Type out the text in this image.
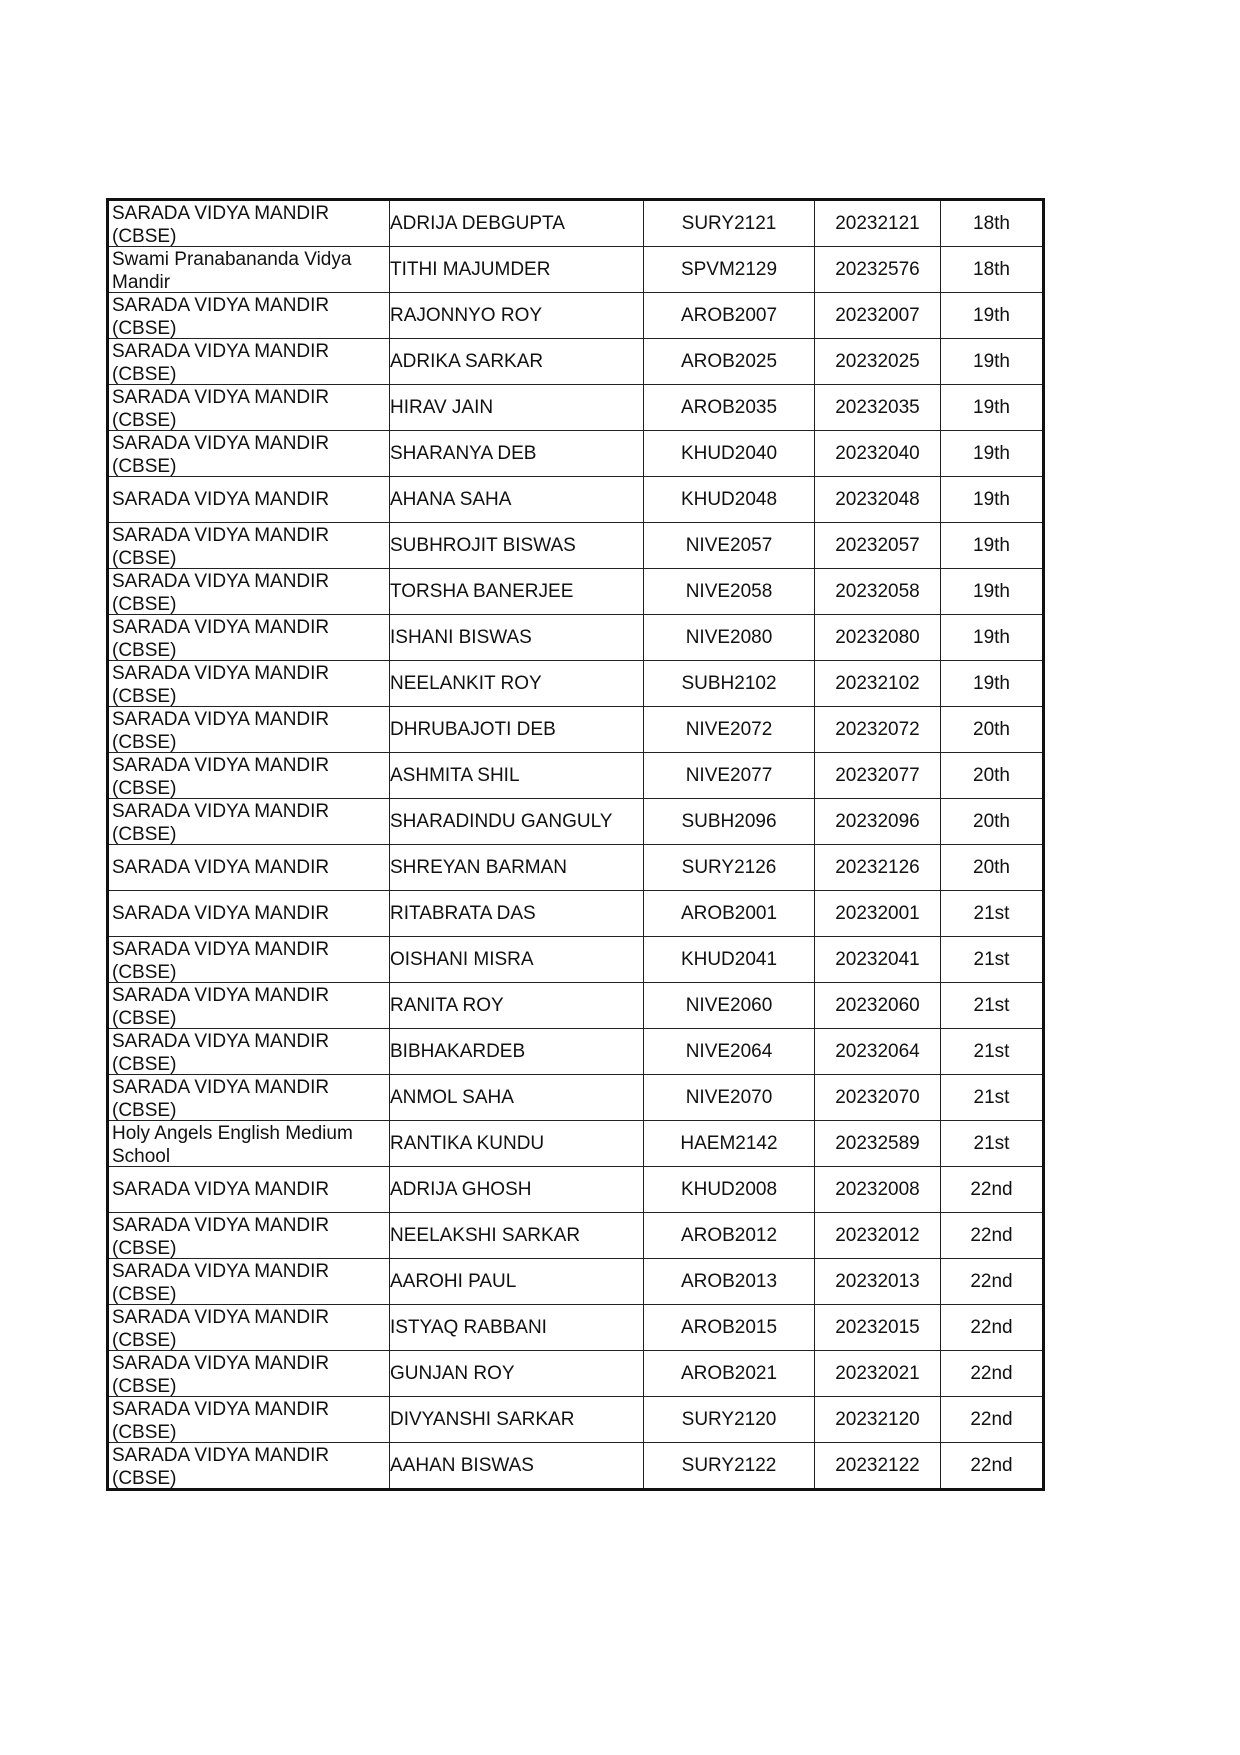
SARADA VIDYA MANDIR (CBSE)	ADRIJA DEBGUPTA	SURY2121	20232121	18th

Swami Pranabananda Vidya Mandir	TITHI MAJUMDER	SPVM2129	20232576	18th

SARADA VIDYA MANDIR (CBSE)	RAJONNYO ROY	AROB2007	20232007	19th

SARADA VIDYA MANDIR (CBSE)	ADRIKA SARKAR	AROB2025	20232025	19th

SARADA VIDYA MANDIR (CBSE)	HIRAV JAIN	AROB2035	20232035	19th

SARADA VIDYA MANDIR (CBSE)	SHARANYA DEB	KHUD2040	20232040	19th

SARADA VIDYA MANDIR	AHANA SAHA	KHUD2048	20232048	19th

SARADA VIDYA MANDIR (CBSE)	SUBHROJIT BISWAS	NIVE2057	20232057	19th

SARADA VIDYA MANDIR (CBSE)	TORSHA BANERJEE	NIVE2058	20232058	19th

SARADA VIDYA MANDIR (CBSE)	ISHANI BISWAS	NIVE2080	20232080	19th

SARADA VIDYA MANDIR (CBSE)	NEELANKIT ROY	SUBH2102	20232102	19th

SARADA VIDYA MANDIR (CBSE)	DHRUBAJOTI DEB	NIVE2072	20232072	20th

SARADA VIDYA MANDIR (CBSE)	ASHMITA SHIL	NIVE2077	20232077	20th

SARADA VIDYA MANDIR (CBSE)	SHARADINDU GANGULY	SUBH2096	20232096	20th

SARADA VIDYA MANDIR	SHREYAN BARMAN	SURY2126	20232126	20th

SARADA VIDYA MANDIR	RITABRATA DAS	AROB2001	20232001	21st

SARADA VIDYA MANDIR (CBSE)	OISHANI MISRA	KHUD2041	20232041	21st

SARADA VIDYA MANDIR (CBSE)	RANITA ROY	NIVE2060	20232060	21st

SARADA VIDYA MANDIR (CBSE)	BIBHAKARDEB	NIVE2064	20232064	21st

SARADA VIDYA MANDIR (CBSE)	ANMOL SAHA	NIVE2070	20232070	21st

Holy Angels English Medium School	RANTIKA KUNDU	HAEM2142	20232589	21st

SARADA VIDYA MANDIR	ADRIJA GHOSH	KHUD2008	20232008	22nd

SARADA VIDYA MANDIR (CBSE)	NEELAKSHI SARKAR	AROB2012	20232012	22nd

SARADA VIDYA MANDIR (CBSE)	AAROHI PAUL	AROB2013	20232013	22nd

SARADA VIDYA MANDIR (CBSE)	ISTYAQ RABBANI	AROB2015	20232015	22nd

SARADA VIDYA MANDIR (CBSE)	GUNJAN ROY	AROB2021	20232021	22nd

SARADA VIDYA MANDIR (CBSE)	DIVYANSHI SARKAR	SURY2120	20232120	22nd

SARADA VIDYA MANDIR (CBSE)	AAHAN BISWAS	SURY2122	20232122	22nd
